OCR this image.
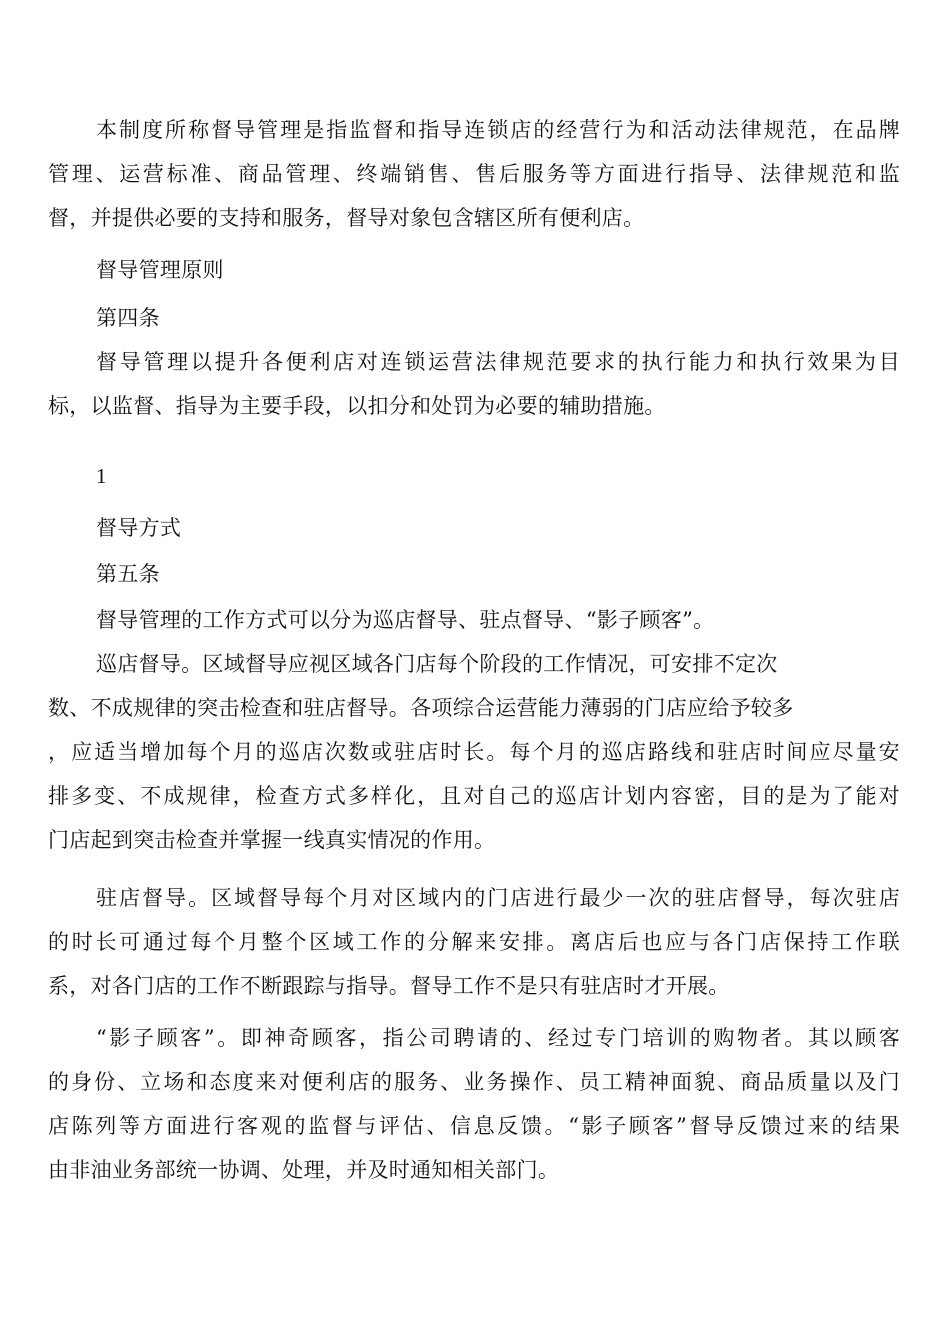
本制度所称督导管理是指监督和指导连锁店的经营行为和活动法律规范，在品牌
管理、运营标准、商品管理、终端销售、售后服务等方面进行指导、法律规范和监
督，并提供必要的支持和服务，督导对象包含辖区所有便利店。
督导管理原则
第四条
督导管理以提升各便利店对连锁运营法律规范要求的执行能力和执行效果为目
标，以监督、指导为主要手段，以扣分和处罚为必要的辅助措施。
1
督导方式
第五条
督导管理的工作方式可以分为巡店督导、驻点督导、“影子顾客”。
巡店督导。区域督导应视区域各门店每个阶段的工作情况，可安排不定次
数、不成规律的突击检查和驻店督导。各项综合运营能力薄弱的门店应给予较多
，应适当增加每个月的巡店次数或驻店时长。每个月的巡店路线和驻店时间应尽量安
排多变、不成规律，检查方式多样化，且对自己的巡店计划内容密，目的是为了能对
门店起到突击检查并掌握一线真实情况的作用。
驻店督导。区域督导每个月对区域内的门店进行最少一次的驻店督导，每次驻店
的时长可通过每个月整个区域工作的分解来安排。离店后也应与各门店保持工作联
系，对各门店的工作不断跟踪与指导。督导工作不是只有驻店时才开展。
“影子顾客”。即神奇顾客，指公司聘请的、经过专门培训的购物者。其以顾客
的身份、立场和态度来对便利店的服务、业务操作、员工精神面貌、商品质量以及门
店陈列等方面进行客观的监督与评估、信息反馈。“影子顾客”督导反馈过来的结果
由非油业务部统一协调、处理，并及时通知相关部门。
